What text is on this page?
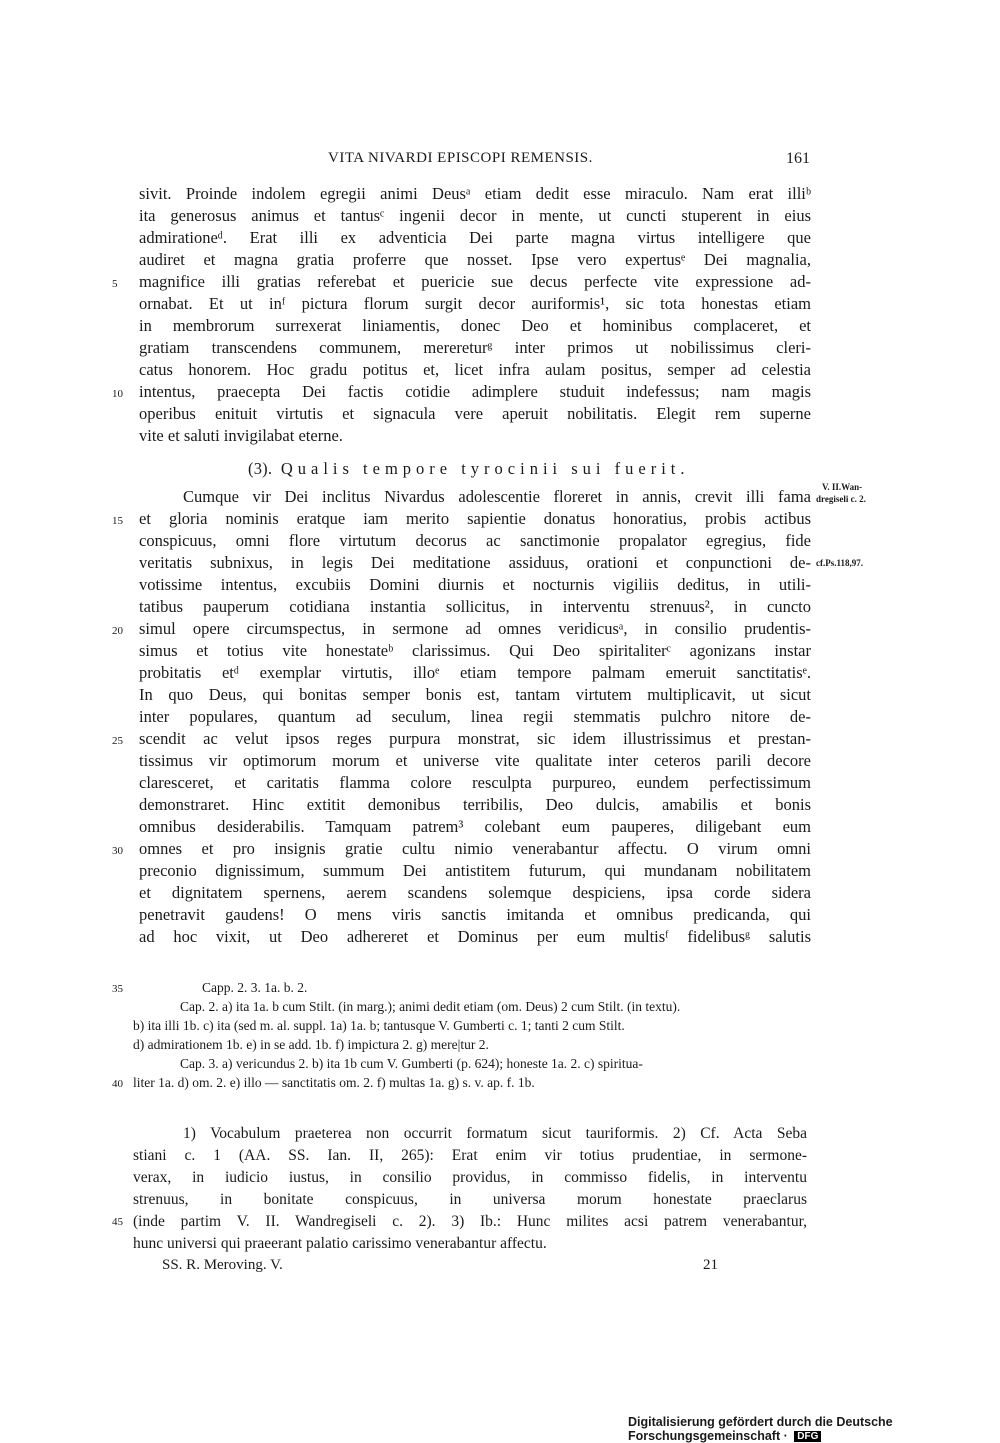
VITA NIVARDI EPISCOPI REMENSIS.	161
sivit. Proinde indolem egregii animi Deusᵃ etiam dedit esse miraculo. Nam erat illiᵇ
ita generosus animus et tantusᶜ ingenii decor in mente, ut cuncti stuperent in eius
admirationeᵈ. Erat illi ex adventicia Dei parte magna virtus intelligere que
audiret et magna gratia proferre que nosset. Ipse vero expertusᵉ Dei magnalia,
magnifice illi gratias referebat et puericie sue decus perfecte vite expressione ad-
ornabat. Et ut inᶠ pictura florum surgit decor auriformis¹, sic tota honestas etiam
in membrorum surrexerat liniamentis, donec Deo et hominibus complaceret, et
gratiam transcendens communem, merereturᵍ inter primos ut nobilissimus cleri-
catus honorem. Hoc gradu potitus et, licet infra aulam positus, semper ad celestia
intentus, praecepta Dei factis cotidie adimplere studuit indefessus; nam magis
operibus enituit virtutis et signacula vere aperuit nobilitatis. Elegit rem superne
vite et saluti invigilabat eterne.
(3). Qualis tempore tyrocinii sui fuerit.
Cumque vir Dei inclitus Nivardus adolescentie floreret in annis, crevit illi fama
et gloria nominis eratque iam merito sapientie donatus honoratius, probis actibus
conspicuus, omni flore virtutum decorus ac sanctimonie propalator egregius, fide
veritatis subnixus, in legis Dei meditatione assiduus, orationi et conpunctioni de-
votissime intentus, excubiis Domini diurnis et nocturnis vigiliis deditus, in utili-
tatibus pauperum cotidiana instantia sollicitus, in interventu strenuus², in cuncto
simul opere circumspectus, in sermone ad omnes veridicusᵃ, in consilio prudentis-
simus et totius vite honestateᵇ clarissimus. Qui Deo spiritaliterᶜ agonizans instar
probitatis etᵈ exemplar virtutis, illoᵉ etiam tempore palmam emeruit sanctitatisᵉ.
In quo Deus, qui bonitas semper bonis est, tantam virtutem multiplicavit, ut sicut
inter populares, quantum ad seculum, linea regii stemmatis pulchro nitore de-
scendit ac velut ipsos reges purpura monstrat, sic idem illustrissimus et prestan-
tissimus vir optimorum morum et universe vite qualitate inter ceteros parili decore
claresceret, et caritatis flamma colore resculpta purpureo, eundem perfectissimum
demonstraret. Hinc extitit demonibus terribilis, Deo dulcis, amabilis et bonis
omnibus desiderabilis. Tamquam patrem³ colebant eum pauperes, diligebant eum
omnes et pro insignis gratie cultu nimio venerabantur affectu. O virum omni
preconio dignissimum, summum Dei antistitem futurum, qui mundanam nobilitatem
et dignitatem spernens, aerem scandens solemque despiciens, ipsa corde sidera
penetravit gaudens! O mens viris sanctis imitanda et omnibus predicanda, qui
ad hoc vixit, ut Deo adhereret et Dominus per eum multisᶠ fidelibusᵍ salutis
5
10
15
20
25
30
35
40
45
V. II.Wan-
dregiseli c. 2.
cf.Ps.118,97.
Capp. 2. 3. 1a. b. 2.
Cap. 2. a) ita 1a. b cum Stilt. (in marg.); animi dedit etiam (om. Deus) 2 cum Stilt. (in textu).
b) ita illi 1b. c) ita (sed m. al. suppl. 1a) 1a. b; tantusque V. Gumberti c. 1; tanti 2 cum Stilt.
d) admirationem 1b. e) in se add. 1b. f) impictura 2. g) mere|tur 2.
Cap. 3. a) vericundus 2. b) ita 1b cum V. Gumberti (p. 624); honeste 1a. 2. c) spiritua-
liter 1a. d) om. 2. e) illo — sanctitatis om. 2. f) multas 1a. g) s. v. ap. f. 1b.
1) Vocabulum praeterea non occurrit formatum sicut tauriformis. 2) Cf. Acta Seba
stiani c. 1 (AA. SS. Ian. II, 265): Erat enim vir totius prudentiae, in sermone-
verax, in iudicio iustus, in consilio providus, in commisso fidelis, in interventu
strenuus, in bonitate conspicuus, in universa morum honestate praeclarus
(inde partim V. II. Wandregiseli c. 2). 3) Ib.: Hunc milites acsi patrem venerabantur,
hunc universi qui praeerant palatio carissimo venerabantur affectu.
SS. R. Meroving. V.	21
Digitalisierung gefördert durch die Deutsche Forschungsgemeinschaft · DFG
